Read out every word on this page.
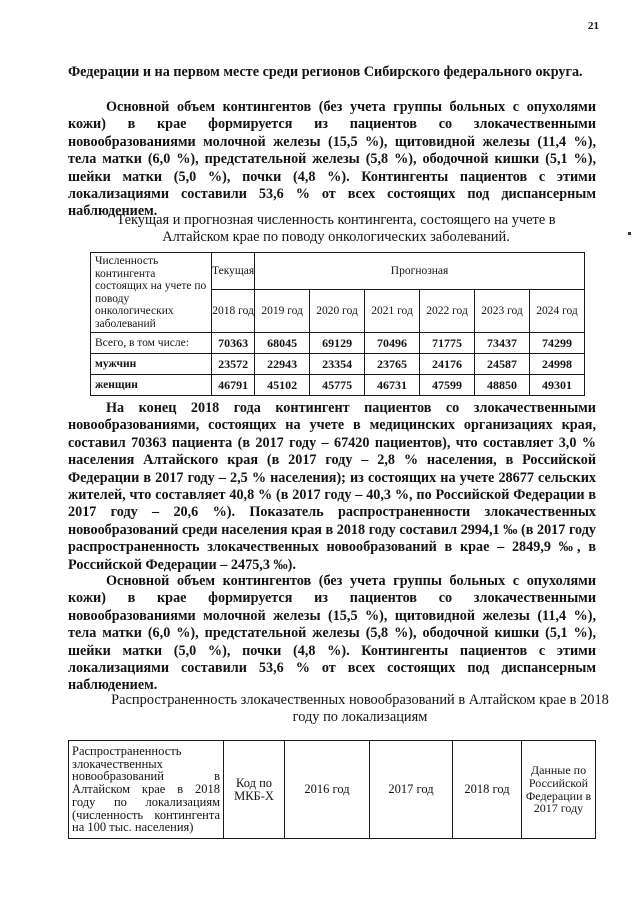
21

Федерации и на первом месте среди регионов Сибирского федерального округа.

Основной объем контингентов (без учета группы больных с опухолями кожи) в крае формируется из пациентов со злокачественными новообразованиями молочной железы (15,5 %), щитовидной железы (11,4 %), тела матки (6,0 %), предстательной железы (5,8 %), ободочной кишки (5,1 %), шейки матки (5,0 %), почки (4,8 %). Контингенты пациентов с этими локализациями составили 53,6 % от всех состоящих под диспансерным наблюдением.

Текущая и прогнозная численность контингента, состоящего на учете в Алтайском крае по поводу онкологических заболеваний.

Численность контингента состоящих на учете по поводу онкологических заболеваний	Текущая	Прогнозная					
	2018 год	2019 год	2020 год	2021 год	2022 год	2023 год	2024 год
Всего, в том числе:	70363	68045	69129	70496	71775	73437	74299
мужчин	23572	22943	23354	23765	24176	24587	24998
женщин	46791	45102	45775	46731	47599	48850	49301

На конец 2018 года контингент пациентов со злокачественными новообразованиями, состоящих на учете в медицинских организациях края, составил 70363 пациента (в 2017 году – 67420 пациентов), что составляет 3,0 % населения Алтайского края (в 2017 году – 2,8 % населения, в Российской Федерации в 2017 году – 2,5 % населения); из состоящих на учете 28677 сельских жителей, что составляет 40,8 % (в 2017 году – 40,3 %, по Российской Федерации в 2017 году – 20,6 %). Показатель распространенности злокачественных новообразований среди населения края в 2018 году составил 2994,1 ‰ (в 2017 году распространенность злокачественных новообразований в крае – 2849,9 ‰, в Российской Федерации – 2475,3 ‰).

Основной объем контингентов (без учета группы больных с опухолями кожи) в крае формируется из пациентов со злокачественными новообразованиями молочной железы (15,5 %), щитовидной железы (11,4 %), тела матки (6,0 %), предстательной железы (5,8 %), ободочной кишки (5,1 %), шейки матки (5,0 %), почки (4,8 %). Контингенты пациентов с этими локализациями составили 53,6 % от всех состоящих под диспансерным наблюдением.

Распространенность злокачественных новообразований в Алтайском крае в 2018 году по локализациям

Распространенность злокачественных новообразований в Алтайском крае в 2018 году по локализациям (численность контингента на 100 тыс. населения)	Код по МКБ-Х	2016 год	2017 год	2018 год	Данные по Российской Федерации в 2017 году
